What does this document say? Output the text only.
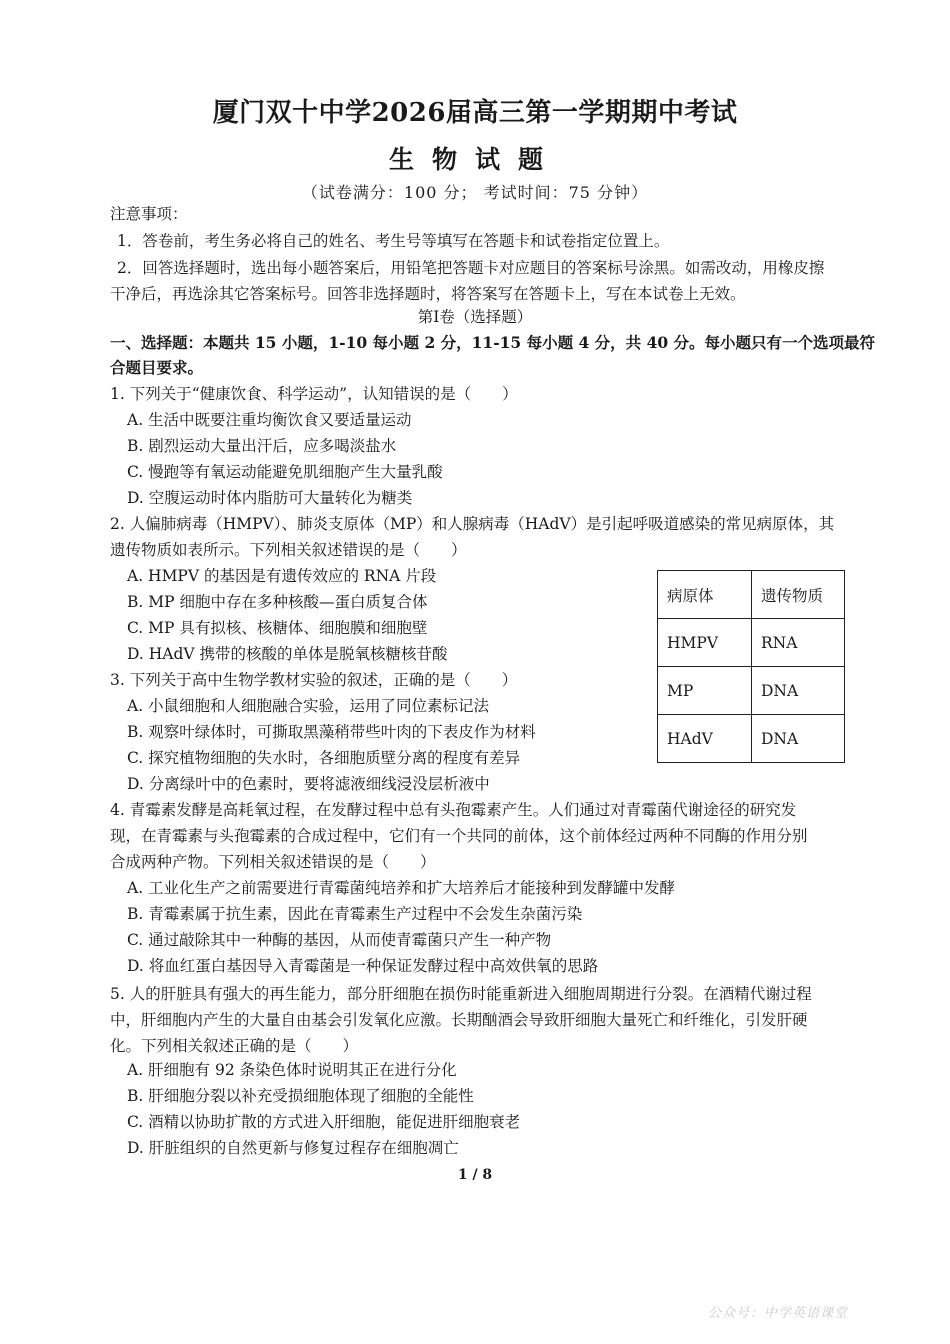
厦门双十中学2026届高三第一学期期中考试
生物试题
（试卷满分：100 分； 考试时间：75 分钟）
注意事项：
1．答卷前，考生务必将自己的姓名、考生号等填写在答题卡和试卷指定位置上。
2．回答选择题时，选出每小题答案后，用铅笔把答题卡对应题目的答案标号涂黑。如需改动，用橡皮擦
干净后，再选涂其它答案标号。回答非选择题时，将答案写在答题卡上，写在本试卷上无效。
第Ⅰ卷（选择题）
一、选择题：本题共 15 小题，1-10 每小题 2 分，11-15 每小题 4 分，共 40 分。每小题只有一个选项最符
合题目要求。
1. 下列关于“健康饮食、科学运动”，认知错误的是（　　）
A. 生活中既要注重均衡饮食又要适量运动
B. 剧烈运动大量出汗后，应多喝淡盐水
C. 慢跑等有氧运动能避免肌细胞产生大量乳酸
D. 空腹运动时体内脂肪可大量转化为糖类
2. 人偏肺病毒（HMPV）、肺炎支原体（MP）和人腺病毒（HAdV）是引起呼吸道感染的常见病原体，其
遗传物质如表所示。下列相关叙述错误的是（　　）
A. HMPV 的基因是有遗传效应的 RNA 片段
B. MP 细胞中存在多种核酸—蛋白质复合体
C. MP 具有拟核、核糖体、细胞膜和细胞壁
D. HAdV 携带的核酸的单体是脱氧核糖核苷酸
病原体	遗传物质
HMPV	RNA
MP	DNA
HAdV	DNA
3. 下列关于高中生物学教材实验的叙述，正确的是（　　）
A. 小鼠细胞和人细胞融合实验，运用了同位素标记法
B. 观察叶绿体时，可撕取黑藻稍带些叶肉的下表皮作为材料
C. 探究植物细胞的失水时，各细胞质壁分离的程度有差异
D. 分离绿叶中的色素时，要将滤液细线浸没层析液中
4. 青霉素发酵是高耗氧过程，在发酵过程中总有头孢霉素产生。人们通过对青霉菌代谢途径的研究发
现，在青霉素与头孢霉素的合成过程中，它们有一个共同的前体，这个前体经过两种不同酶的作用分别
合成两种产物。下列相关叙述错误的是（　　）
A. 工业化生产之前需要进行青霉菌纯培养和扩大培养后才能接种到发酵罐中发酵
B. 青霉素属于抗生素，因此在青霉素生产过程中不会发生杂菌污染
C. 通过敲除其中一种酶的基因，从而使青霉菌只产生一种产物
D. 将血红蛋白基因导入青霉菌是一种保证发酵过程中高效供氧的思路
5. 人的肝脏具有强大的再生能力，部分肝细胞在损伤时能重新进入细胞周期进行分裂。在酒精代谢过程
中，肝细胞内产生的大量自由基会引发氧化应激。长期酗酒会导致肝细胞大量死亡和纤维化，引发肝硬
化。下列相关叙述正确的是（　　）
A. 肝细胞有 92 条染色体时说明其正在进行分化
B. 肝细胞分裂以补充受损细胞体现了细胞的全能性
C. 酒精以协助扩散的方式进入肝细胞，能促进肝细胞衰老
D. 肝脏组织的自然更新与修复过程存在细胞凋亡
1 / 8
公众号：中学英语课堂
